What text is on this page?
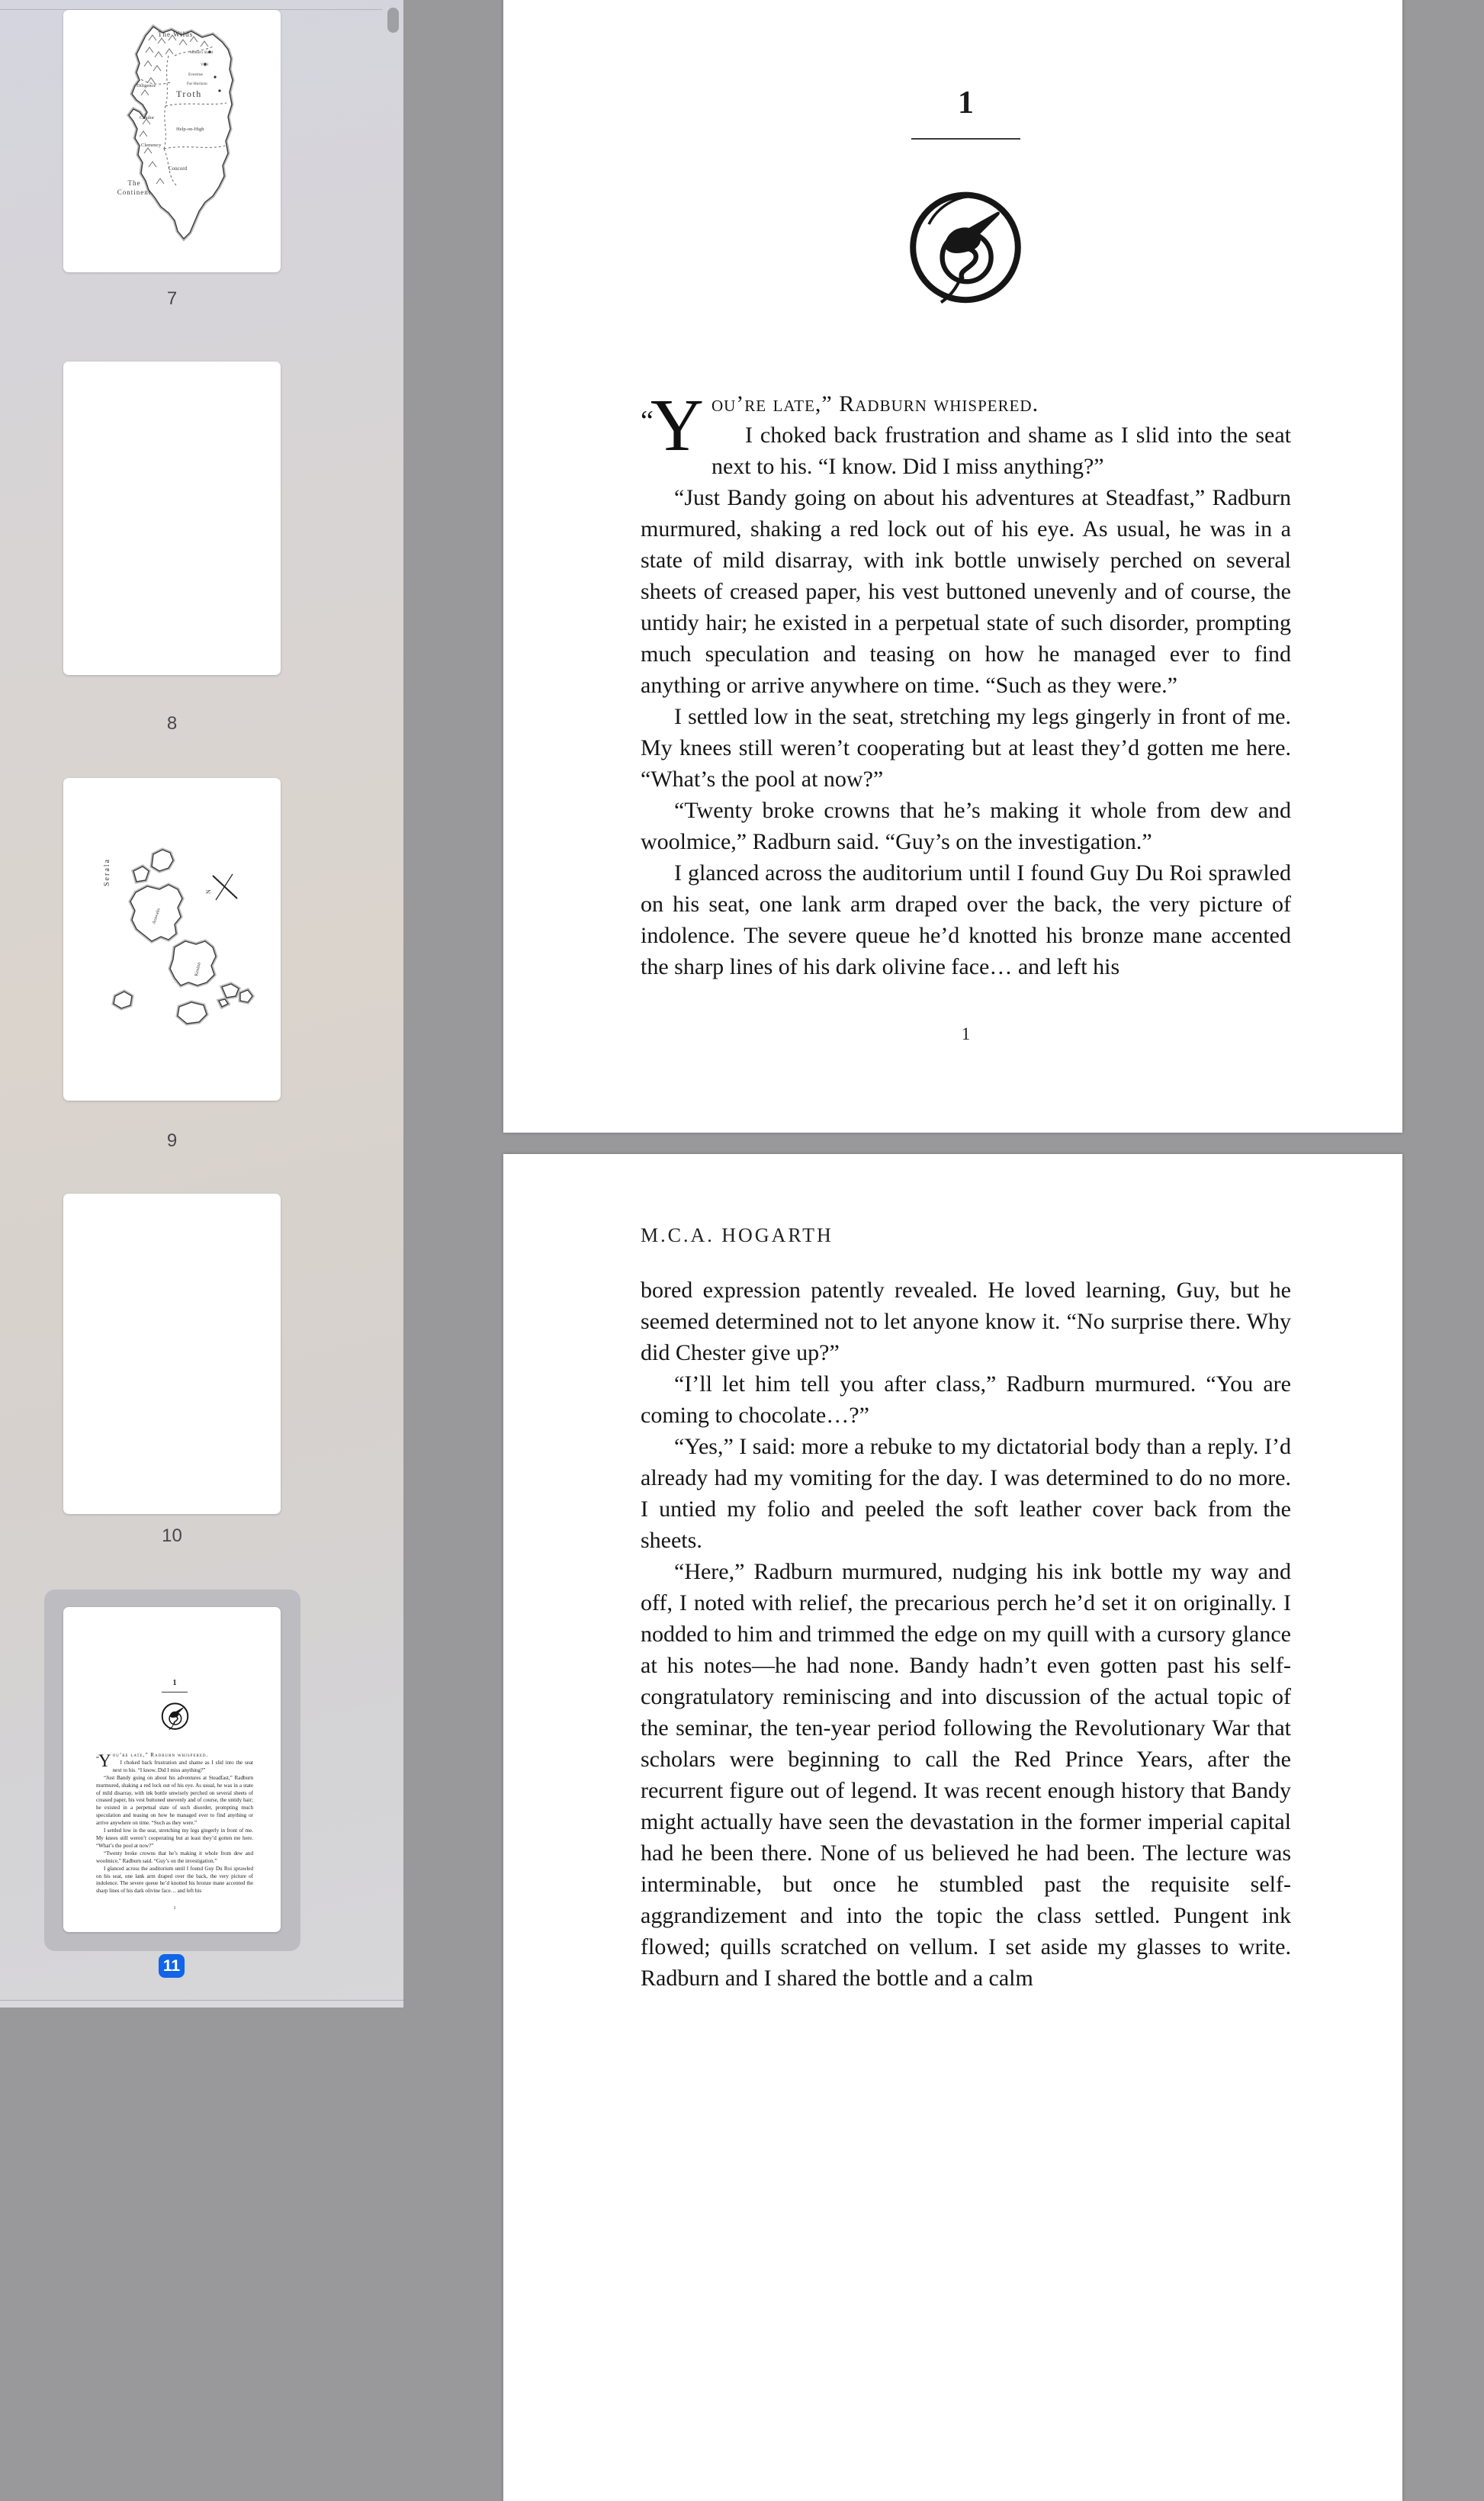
The Wilds
Mother's Stand
Vigil
Evertrue
Far Horizon
Diligence
Troth
Candor
Help-on-High
Clemency
Concord
The
Continent
7
8
N
Serala
Arawalis
Kesina
9
10
1

“Y ou’re late,” Radburn whispered.

I choked back frustration and shame as I slid into the seat next to his. “I know. Did I miss anything?”

“Just Bandy going on about his adventures at Steadfast,” Radburn murmured, shaking a red lock out of his eye. As usual, he was in a state of mild disarray, with ink bottle unwisely perched on several sheets of creased paper, his vest buttoned unevenly and of course, the untidy hair; he existed in a perpetual state of such disorder, prompting much speculation and teasing on how he managed ever to find anything or arrive anywhere on time. “Such as they were.”

I settled low in the seat, stretching my legs gingerly in front of me. My knees still weren’t cooperating but at least they’d gotten me here. “What’s the pool at now?”

“Twenty broke crowns that he’s making it whole from dew and woolmice,” Radburn said. “Guy’s on the investigation.”

I glanced across the auditorium until I found Guy Du Roi sprawled on his seat, one lank arm draped over the back, the very picture of indolence. The severe queue he’d knotted his bronze mane accented the sharp lines of his dark olivine face… and left his

1
11
1

“Y ou’re late,” Radburn whispered.

I choked back frustration and shame as I slid into the seat next to his. “I know. Did I miss anything?”

“Just Bandy going on about his adventures at Steadfast,” Radburn murmured, shaking a red lock out of his eye. As usual, he was in a state of mild disarray, with ink bottle unwisely perched on several sheets of creased paper, his vest buttoned unevenly and of course, the untidy hair; he existed in a perpetual state of such disorder, prompting much speculation and teasing on how he managed ever to find anything or arrive anywhere on time. “Such as they were.”

I settled low in the seat, stretching my legs gingerly in front of me. My knees still weren’t cooperating but at least they’d gotten me here. “What’s the pool at now?”

“Twenty broke crowns that he’s making it whole from dew and woolmice,” Radburn said. “Guy’s on the investigation.”

I glanced across the auditorium until I found Guy Du Roi sprawled on his seat, one lank arm draped over the back, the very picture of indolence. The severe queue he’d knotted his bronze mane accented the sharp lines of his dark olivine face… and left his

1
M.C.A. HOGARTH

bored expression patently revealed. He loved learning, Guy, but he seemed determined not to let anyone know it. “No surprise there. Why did Chester give up?”

“I’ll let him tell you after class,” Radburn murmured. “You are coming to chocolate…?”

“Yes,” I said: more a rebuke to my dictatorial body than a reply. I’d already had my vomiting for the day. I was determined to do no more. I untied my folio and peeled the soft leather cover back from the sheets.

“Here,” Radburn murmured, nudging his ink bottle my way and off, I noted with relief, the precarious perch he’d set it on originally. I nodded to him and trimmed the edge on my quill with a cursory glance at his notes—he had none. Bandy hadn’t even gotten past his self-congratulatory reminiscing and into discussion of the actual topic of the seminar, the ten-year period following the Revolutionary War that scholars were beginning to call the Red Prince Years, after the recurrent figure out of legend. It was recent enough history that Bandy might actually have seen the devastation in the former imperial capital had he been there. None of us believed he had been. The lecture was interminable, but once he stumbled past the requisite self-aggrandizement and into the topic the class settled. Pungent ink flowed; quills scratched on vellum. I set aside my glasses to write. Radburn and I shared the bottle and a calm
